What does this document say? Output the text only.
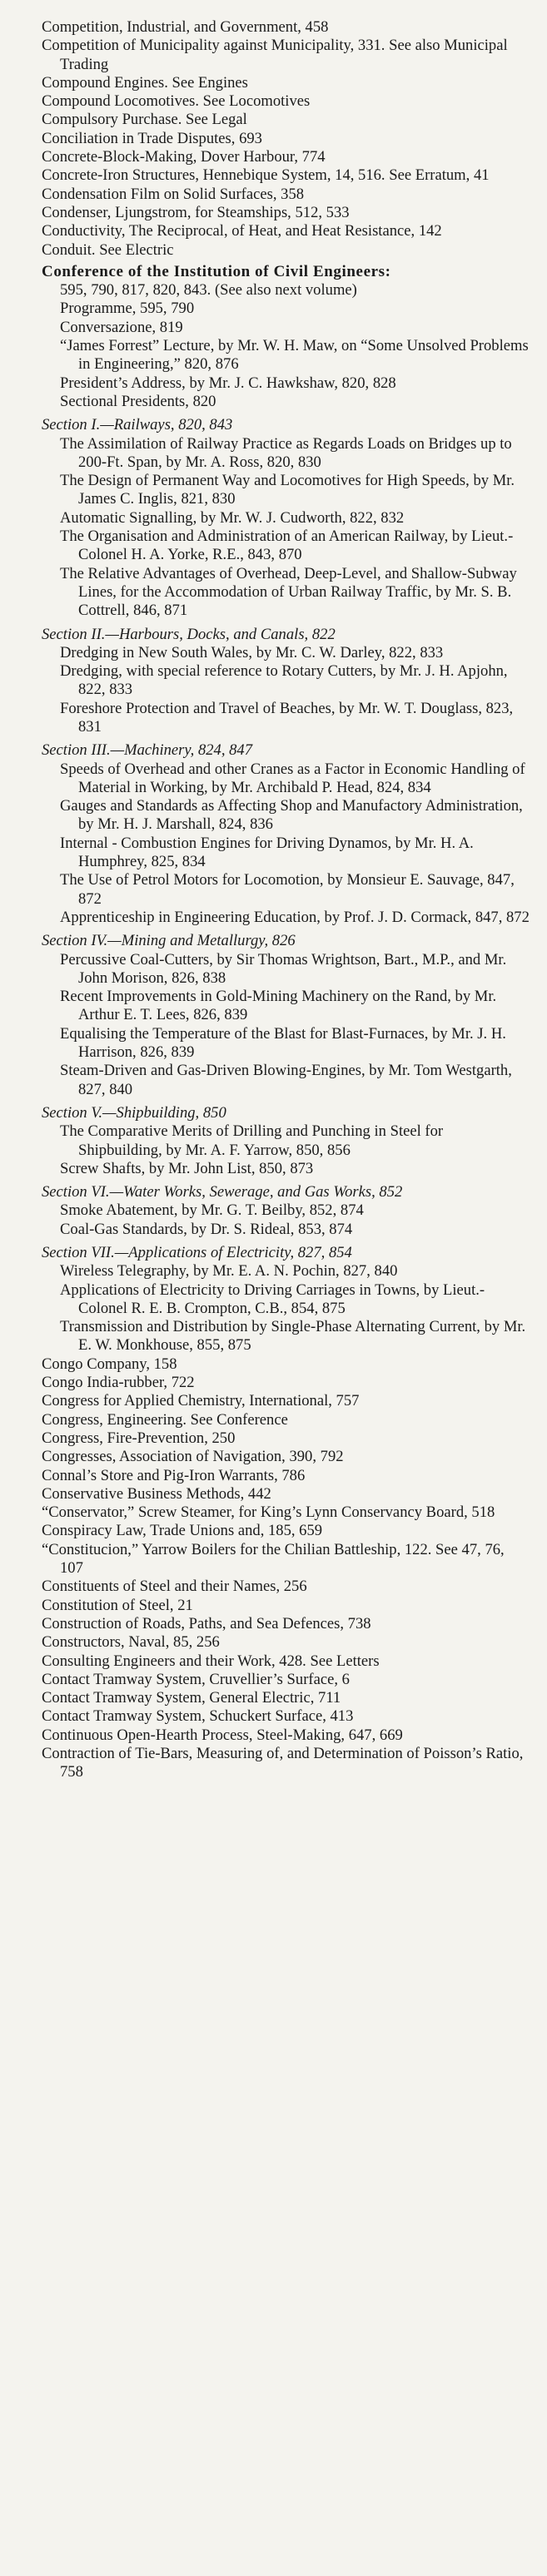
Competition, Industrial, and Government, 458

Competition of Municipality against Municipality, 331. See also Municipal Trading

Compound Engines. See Engines

Compound Locomotives. See Locomotives

Compulsory Purchase. See Legal

Conciliation in Trade Disputes, 693

Concrete-Block-Making, Dover Harbour, 774

Concrete-Iron Structures, Hennebique System, 14, 516. See Erratum, 41

Condensation Film on Solid Surfaces, 358

Condenser, Ljungstrom, for Steamships, 512, 533

Conductivity, The Reciprocal, of Heat, and Heat Resistance, 142

Conduit. See Electric

Conference of the Institution of Civil Engineers:

595, 790, 817, 820, 843. (See also next volume)

Programme, 595, 790

Conversazione, 819

“James Forrest” Lecture, by Mr. W. H. Maw, on “Some Unsolved Problems in Engineering,” 820, 876

President’s Address, by Mr. J. C. Hawkshaw, 820, 828

Sectional Presidents, 820

Section I.—Railways, 820, 843

The Assimilation of Railway Practice as Regards Loads on Bridges up to 200-Ft. Span, by Mr. A. Ross, 820, 830

The Design of Permanent Way and Locomotives for High Speeds, by Mr. James C. Inglis, 821, 830

Automatic Signalling, by Mr. W. J. Cudworth, 822, 832

The Organisation and Administration of an American Railway, by Lieut.-Colonel H. A. Yorke, R.E., 843, 870

The Relative Advantages of Overhead, Deep-Level, and Shallow-Subway Lines, for the Accommodation of Urban Railway Traffic, by Mr. S. B. Cottrell, 846, 871

Section II.—Harbours, Docks, and Canals, 822

Dredging in New South Wales, by Mr. C. W. Darley, 822, 833

Dredging, with special reference to Rotary Cutters, by Mr. J. H. Apjohn, 822, 833

Foreshore Protection and Travel of Beaches, by Mr. W. T. Douglass, 823, 831

Section III.—Machinery, 824, 847

Speeds of Overhead and other Cranes as a Factor in Economic Handling of Material in Working, by Mr. Archibald P. Head, 824, 834

Gauges and Standards as Affecting Shop and Manufactory Administration, by Mr. H. J. Marshall, 824, 836

Internal - Combustion Engines for Driving Dynamos, by Mr. H. A. Humphrey, 825, 834

The Use of Petrol Motors for Locomotion, by Monsieur E. Sauvage, 847, 872

Apprenticeship in Engineering Education, by Prof. J. D. Cormack, 847, 872

Section IV.—Mining and Metallurgy, 826

Percussive Coal-Cutters, by Sir Thomas Wrightson, Bart., M.P., and Mr. John Morison, 826, 838

Recent Improvements in Gold-Mining Machinery on the Rand, by Mr. Arthur E. T. Lees, 826, 839

Equalising the Temperature of the Blast for Blast-Furnaces, by Mr. J. H. Harrison, 826, 839

Steam-Driven and Gas-Driven Blowing-Engines, by Mr. Tom Westgarth, 827, 840

Section V.—Shipbuilding, 850

The Comparative Merits of Drilling and Punching in Steel for Shipbuilding, by Mr. A. F. Yarrow, 850, 856

Screw Shafts, by Mr. John List, 850, 873

Section VI.—Water Works, Sewerage, and Gas Works, 852

Smoke Abatement, by Mr. G. T. Beilby, 852, 874

Coal-Gas Standards, by Dr. S. Rideal, 853, 874

Section VII.—Applications of Electricity, 827, 854

Wireless Telegraphy, by Mr. E. A. N. Pochin, 827, 840

Applications of Electricity to Driving Carriages in Towns, by Lieut.-Colonel R. E. B. Crompton, C.B., 854, 875

Transmission and Distribution by Single-Phase Alternating Current, by Mr. E. W. Monkhouse, 855, 875

Congo Company, 158

Congo India-rubber, 722

Congress for Applied Chemistry, International, 757

Congress, Engineering. See Conference

Congress, Fire-Prevention, 250

Congresses, Association of Navigation, 390, 792

Connal’s Store and Pig-Iron Warrants, 786

Conservative Business Methods, 442

“Conservator,” Screw Steamer, for King’s Lynn Conservancy Board, 518

Conspiracy Law, Trade Unions and, 185, 659

“Constitucion,” Yarrow Boilers for the Chilian Battleship, 122. See 47, 76, 107

Constituents of Steel and their Names, 256

Constitution of Steel, 21

Construction of Roads, Paths, and Sea Defences, 738

Constructors, Naval, 85, 256

Consulting Engineers and their Work, 428. See Letters

Contact Tramway System, Cruvellier’s Surface, 6

Contact Tramway System, General Electric, 711

Contact Tramway System, Schuckert Surface, 413

Continuous Open-Hearth Process, Steel-Making, 647, 669

Contraction of Tie-Bars, Measuring of, and Determination of Poisson’s Ratio, 758
